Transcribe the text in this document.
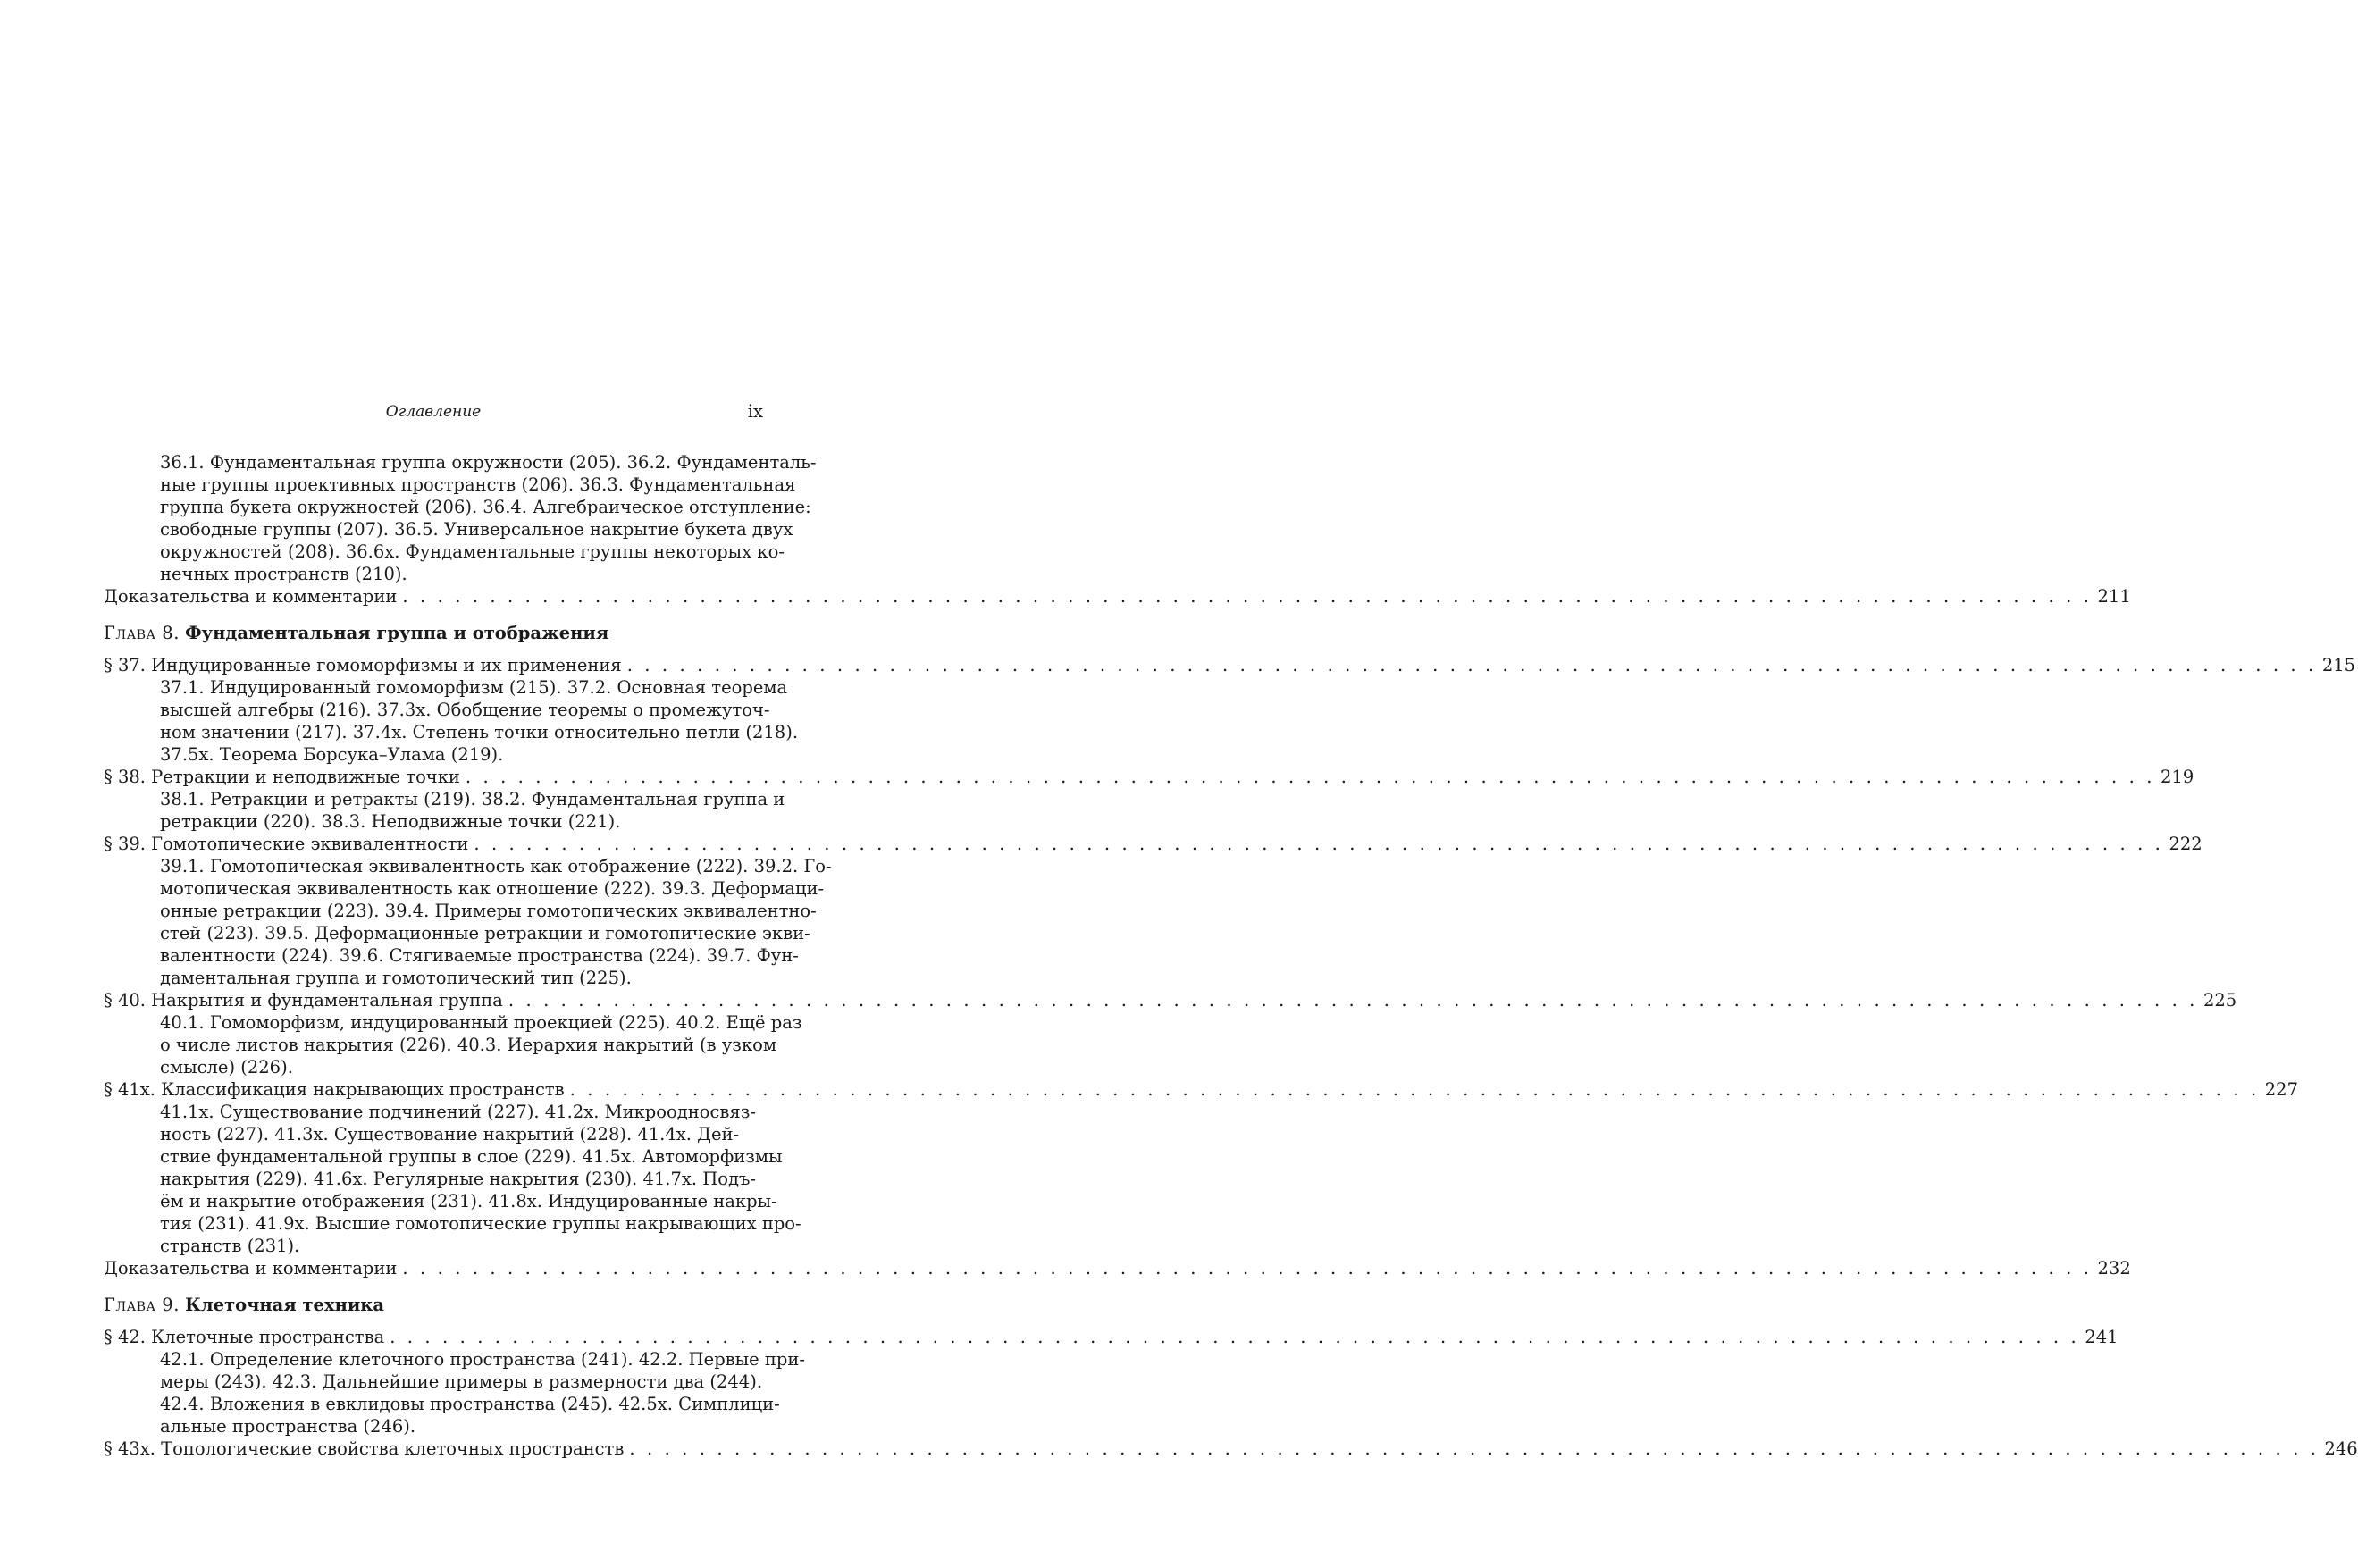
Оглавление	ix
36.1. Фундаментальная группа окружности (205). 36.2. Фундаменталь-
ные группы проективных пространств (206). 36.3. Фундаментальная
группа букета окружностей (206). 36.4. Алгебраическое отступление:
свободные группы (207). 36.5. Универсальное накрытие букета двух
окружностей (208). 36.6x. Фундаментальные группы некоторых ко-
нечных пространств (210).
Доказательства и комментарии . . .	211
Глава 8. Фундаментальная группа и отображения
§ 37. Индуцированные гомоморфизмы и их применения . . .	215
37.1. Индуцированный гомоморфизм (215). 37.2. Основная теорема
высшей алгебры (216). 37.3x. Обобщение теоремы о промежуточ-
ном значении (217). 37.4x. Степень точки относительно петли (218).
37.5x. Теорема Борсука–Улама (219).
§ 38. Ретракции и неподвижные точки . . .	219
38.1. Ретракции и ретракты (219). 38.2. Фундаментальная группа и
ретракции (220). 38.3. Неподвижные точки (221).
§ 39. Гомотопические эквивалентности . . .	222
39.1. Гомотопическая эквивалентность как отображение (222). 39.2. Го-
мотопическая эквивалентность как отношение (222). 39.3. Деформаци-
онные ретракции (223). 39.4. Примеры гомотопических эквивалентно-
стей (223). 39.5. Деформационные ретракции и гомотопические экви-
валентности (224). 39.6. Стягиваемые пространства (224). 39.7. Фун-
даментальная группа и гомотопический тип (225).
§ 40. Накрытия и фундаментальная группа . . .	225
40.1. Гомоморфизм, индуцированный проекцией (225). 40.2. Ещё раз
о числе листов накрытия (226). 40.3. Иерархия накрытий (в узком
смысле) (226).
§ 41x. Классификация накрывающих пространств . . .	227
41.1x. Существование подчинений (227). 41.2x. Микроодносвяз-
ность (227). 41.3x. Существование накрытий (228). 41.4x. Дей-
ствие фундаментальной группы в слое (229). 41.5x. Автоморфизмы
накрытия (229). 41.6x. Регулярные накрытия (230). 41.7x. Подъ-
ём и накрытие отображения (231). 41.8x. Индуцированные накры-
тия (231). 41.9x. Высшие гомотопические группы накрывающих про-
странств (231).
Доказательства и комментарии . . .	232
Глава 9. Клеточная техника
§ 42. Клеточные пространства . . .	241
42.1. Определение клеточного пространства (241). 42.2. Первые при-
меры (243). 42.3. Дальнейшие примеры в размерности два (244).
42.4. Вложения в евклидовы пространства (245). 42.5x. Симплици-
альные пространства (246).
§ 43x. Топологические свойства клеточных пространств . . .	246
